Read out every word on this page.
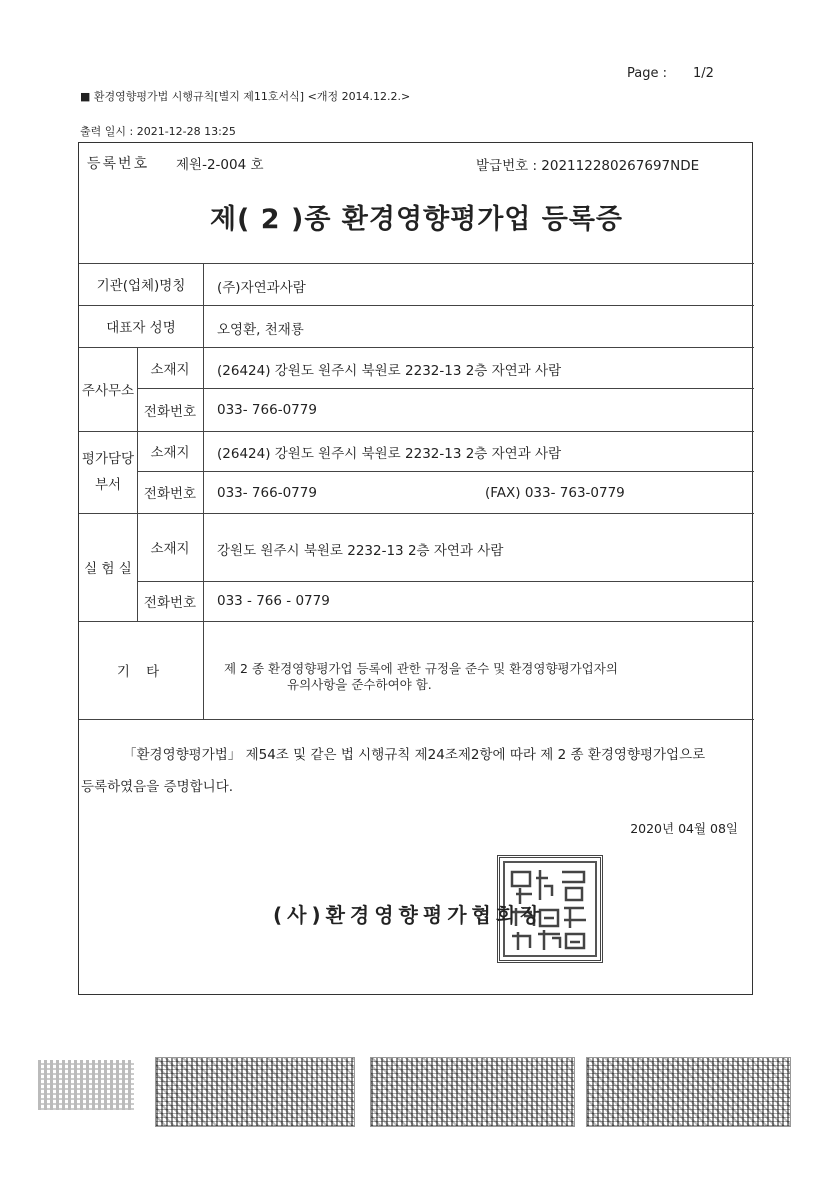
Page : 1/2
■ 환경영향평가법 시행규칙[별지 제11호서식] <개정 2014.12.2.>
출력 일시 : 2021-12-28 13:25
등록번호 제원-2-004 호	발급번호 : 202112280267697NDE
제( 2 )종 환경영향평가업 등록증
기관(업체)명칭	(주)자연과사람
대표자 성명	오영환, 천재룡
주사무소
소재지	(26424) 강원도 원주시 북원로 2232-13 2층 자연과 사람
전화번호	033- 766-0779
평가담당
부서
소재지	(26424) 강원도 원주시 북원로 2232-13 2층 자연과 사람
전화번호	033- 766-0779	(FAX) 033- 763-0779
실 험 실
소재지	강원도 원주시 북원로 2232-13 2층 자연과 사람
전화번호	033 - 766 - 0779
기 타	제 2 종 환경영향평가업 등록에 관한 규정을 준수 및 환경영향평가업자의
유의사항을 준수하여야 함.
「환경영향평가법」 제54조 및 같은 법 시행규칙 제24조제2항에 따라 제 2 종 환경영향평가업으로
등록하였음을 증명합니다.
2020년 04월 08일
(사)환경영향평가협회장
